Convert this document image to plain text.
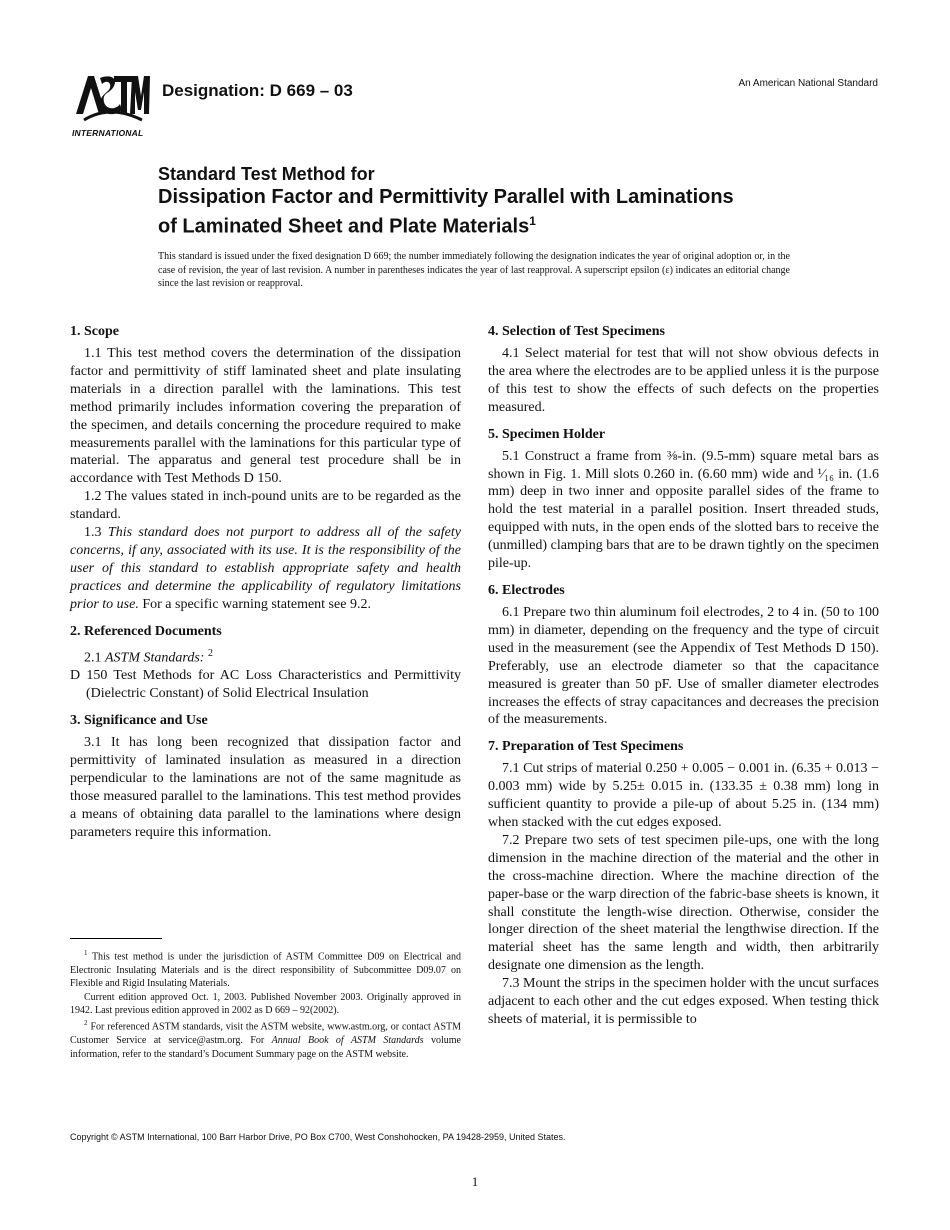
INTERNATIONAL
Designation: D 669 – 03	An American National Standard
Standard Test Method for
Dissipation Factor and Permittivity Parallel with Laminations
of Laminated Sheet and Plate Materials$^1$
This standard is issued under the fixed designation D 669; the number immediately following the designation indicates the year of original adoption or, in the case of revision, the year of last revision. A number in parentheses indicates the year of last reapproval. A superscript epsilon (ε) indicates an editorial change since the last revision or reapproval.
1. Scope

1.1 This test method covers the determination of the dissipation factor and permittivity of stiff laminated sheet and plate insulating materials in a direction parallel with the laminations. This test method primarily includes information covering the preparation of the specimen, and details concerning the procedure required to make measurements parallel with the laminations for this particular type of material. The apparatus and general test procedure shall be in accordance with Test Methods D 150.

1.2 The values stated in inch-pound units are to be regarded as the standard.

1.3 This standard does not purport to address all of the safety concerns, if any, associated with its use. It is the responsibility of the user of this standard to establish appropriate safety and health practices and determine the applicability of regulatory limitations prior to use. For a specific warning statement see 9.2.

2. Referenced Documents

2.1 ASTM Standards: $^2$

D 150 Test Methods for AC Loss Characteristics and Permittivity (Dielectric Constant) of Solid Electrical Insulation

3. Significance and Use

3.1 It has long been recognized that dissipation factor and permittivity of laminated insulation as measured in a direction perpendicular to the laminations are not of the same magnitude as those measured parallel to the laminations. This test method provides a means of obtaining data parallel to the laminations where design parameters require this information.

4. Selection of Test Specimens

4.1 Select material for test that will not show obvious defects in the area where the electrodes are to be applied unless it is the purpose of this test to show the effects of such defects on the properties measured.

5. Specimen Holder

5.1 Construct a frame from ⅜-in. (9.5-mm) square metal bars as shown in Fig. 1. Mill slots 0.260 in. (6.60 mm) wide and ¹⁄₁₆ in. (1.6 mm) deep in two inner and opposite parallel sides of the frame to hold the test material in a parallel position. Insert threaded studs, equipped with nuts, in the open ends of the slotted bars to receive the (unmilled) clamping bars that are to be drawn tightly on the specimen pile-up.

6. Electrodes

6.1 Prepare two thin aluminum foil electrodes, 2 to 4 in. (50 to 100 mm) in diameter, depending on the frequency and the type of circuit used in the measurement (see the Appendix of Test Methods D 150). Preferably, use an electrode diameter so that the capacitance measured is greater than 50 pF. Use of smaller diameter electrodes increases the effects of stray capacitances and decreases the precision of the measurements.

7. Preparation of Test Specimens

7.1 Cut strips of material 0.250 + 0.005 − 0.001 in. (6.35 + 0.013 − 0.003 mm) wide by 5.25± 0.015 in. (133.35 ± 0.38 mm) long in sufficient quantity to provide a pile-up of about 5.25 in. (134 mm) when stacked with the cut edges exposed.

7.2 Prepare two sets of test specimen pile-ups, one with the long dimension in the machine direction of the material and the other in the cross-machine direction. Where the machine direction of the paper-base or the warp direction of the fabric-base sheets is known, it shall constitute the length-wise direction. Otherwise, consider the longer direction of the sheet material the lengthwise direction. If the material sheet has the same length and width, then arbitrarily designate one dimension as the length.

7.3 Mount the strips in the specimen holder with the uncut surfaces adjacent to each other and the cut edges exposed. When testing thick sheets of material, it is permissible to

$^1$ This test method is under the jurisdiction of ASTM Committee D09 on Electrical and Electronic Insulating Materials and is the direct responsibility of Subcommittee D09.07 on Flexible and Rigid Insulating Materials.

Current edition approved Oct. 1, 2003. Published November 2003. Originally approved in 1942. Last previous edition approved in 2002 as D 669 – 92(2002).

$^2$ For referenced ASTM standards, visit the ASTM website, www.astm.org, or contact ASTM Customer Service at service@astm.org. For Annual Book of ASTM Standards volume information, refer to the standard’s Document Summary page on the ASTM website.

Copyright © ASTM International, 100 Barr Harbor Drive, PO Box C700, West Conshohocken, PA 19428-2959, United States.
1
